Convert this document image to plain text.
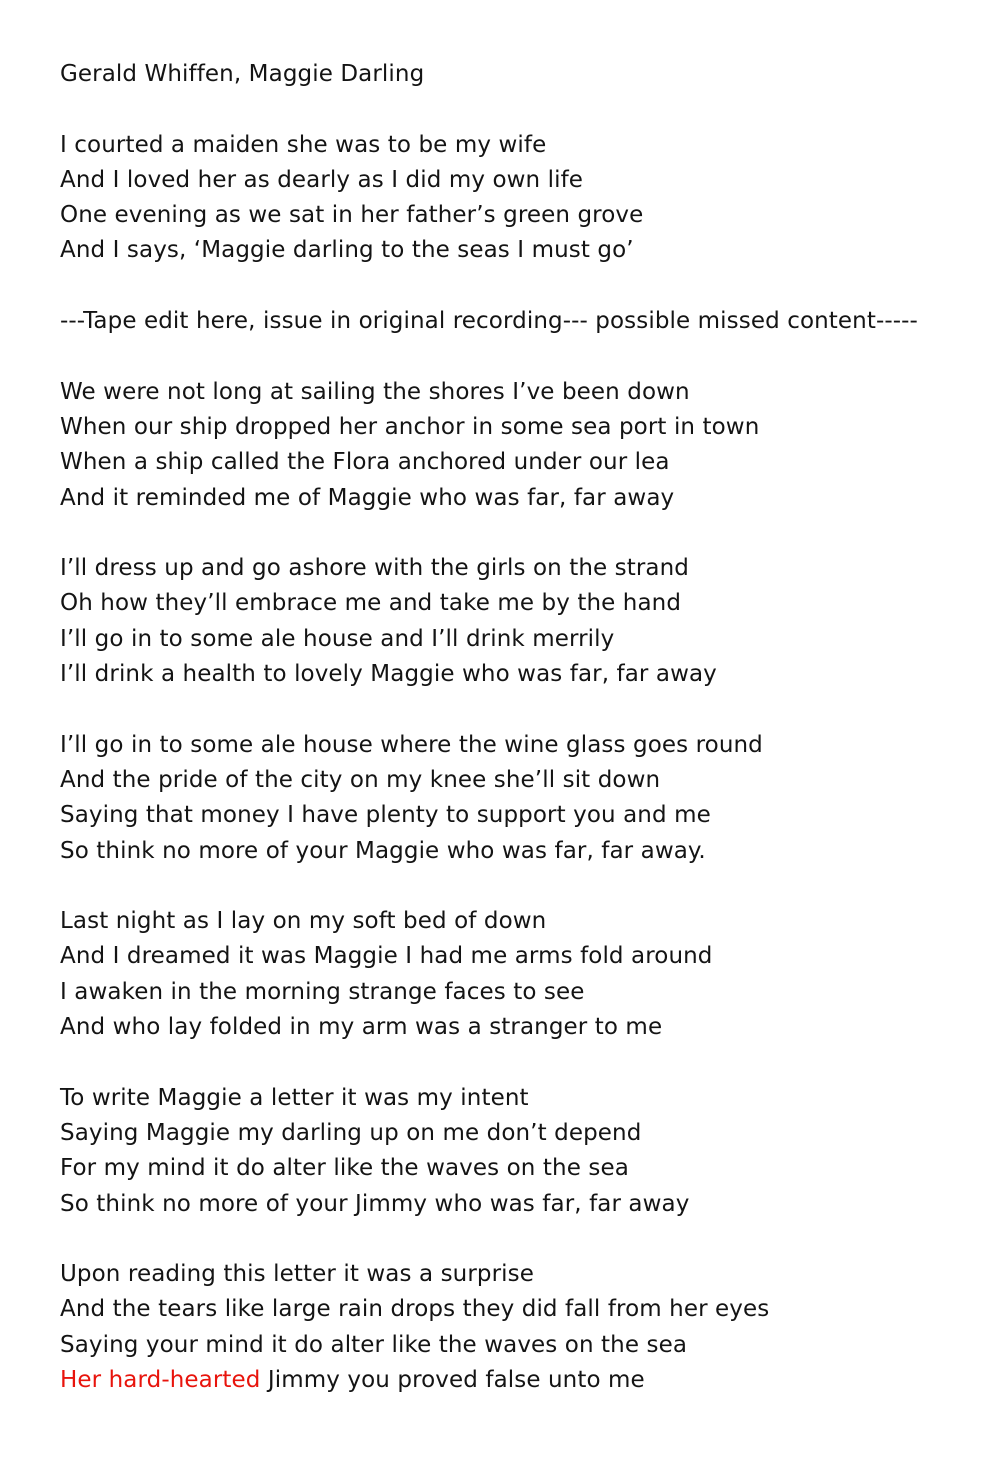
Gerald Whiffen, Maggie Darling

I courted a maiden she was to be my wife
And I loved her as dearly as I did my own life
One evening as we sat in her father’s green grove
And I says, ‘Maggie darling to the seas I must go’
---Tape edit here, issue in original recording--- possible missed content-----
We were not long at sailing the shores I’ve been down
When our ship dropped her anchor in some sea port in town
When a ship called the Flora anchored under our lea
And it reminded me of Maggie who was far, far away
I’ll dress up and go ashore with the girls on the strand
Oh how they’ll embrace me and take me by the hand
I’ll go in to some ale house and I’ll drink merrily
I’ll drink a health to lovely Maggie who was far, far away
I’ll go in to some ale house where the wine glass goes round
And the pride of the city on my knee she’ll sit down
Saying that money I have plenty to support you and me
So think no more of your Maggie who was far, far away.
Last night as I lay on my soft bed of down
And I dreamed it was Maggie I had me arms fold around
I awaken in the morning strange faces to see
And who lay folded in my arm was a stranger to me
To write Maggie a letter it was my intent
Saying Maggie my darling up on me don’t depend
For my mind it do alter like the waves on the sea
So think no more of your Jimmy who was far, far away
Upon reading this letter it was a surprise
And the tears like large rain drops they did fall from her eyes
Saying your mind it do alter like the waves on the sea
Her hard-hearted Jimmy you proved false unto me
